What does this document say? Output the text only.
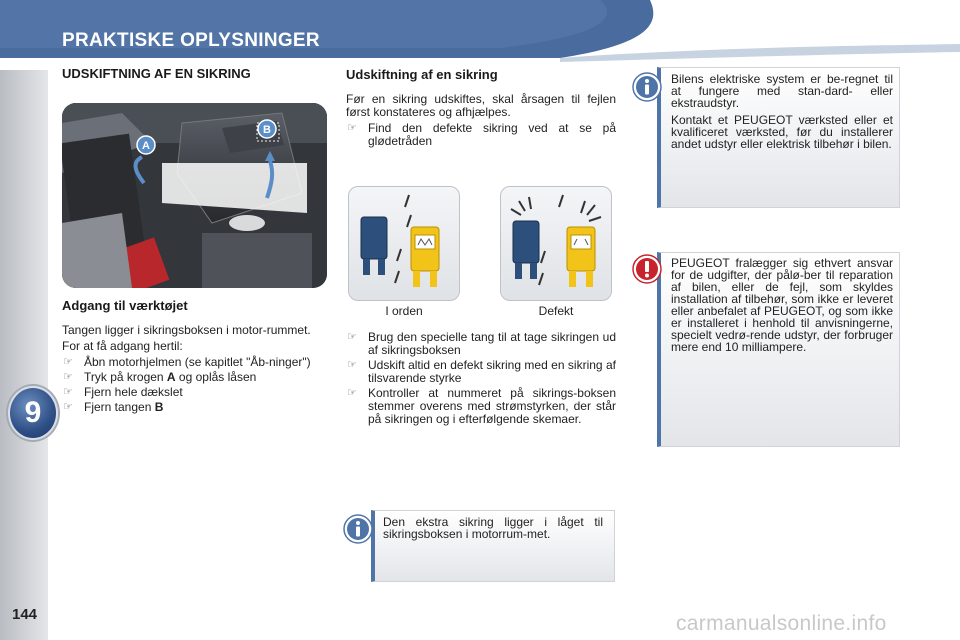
PRAKTISKE OPLYSNINGER
9
144
UDSKIFTNING AF EN SIKRING
A
B
Adgang til værktøjet

Tangen ligger i sikringsboksen i motor-rummet.

For at få adgang hertil:

☞ Åbn motorhjelmen (se kapitlet "Åb-ninger")
☞ Tryk på krogen A og oplås låsen
☞ Fjern hele dækslet
☞ Fjern tangen B
Udskiftning af en sikring

Før en sikring udskiftes, skal årsagen til fejlen først konstateres og afhjælpes.

☞ Find den defekte sikring ved at se på glødetråden
I orden	Defekt
☞ Brug den specielle tang til at tage sikringen ud af sikringsboksen
☞ Udskift altid en defekt sikring med en sikring af tilsvarende styrke
☞ Kontroller at nummeret på sikrings-boksen stemmer overens med strømstyrken, der står på sikringen og i efterfølgende skemaer.

Den ekstra sikring ligger i låget til sikringsboksen i motorrum-met.

Bilens elektriske system er be-regnet til at fungere med stan-dard- eller ekstraudstyr.

Kontakt et PEUGEOT værksted eller et kvalificeret værksted, før du installerer andet udstyr eller elektrisk tilbehør i bilen.

PEUGEOT fralægger sig ethvert ansvar for de udgifter, der pålø-ber til reparation af bilen, eller de fejl, som skyldes installation af tilbehør, som ikke er leveret eller anbefalet af PEUGEOT, og som ikke er installeret i henhold til anvisningerne, specielt vedrø-rende udstyr, der forbruger mere end 10 milliampere.

carmanualsonline.info
